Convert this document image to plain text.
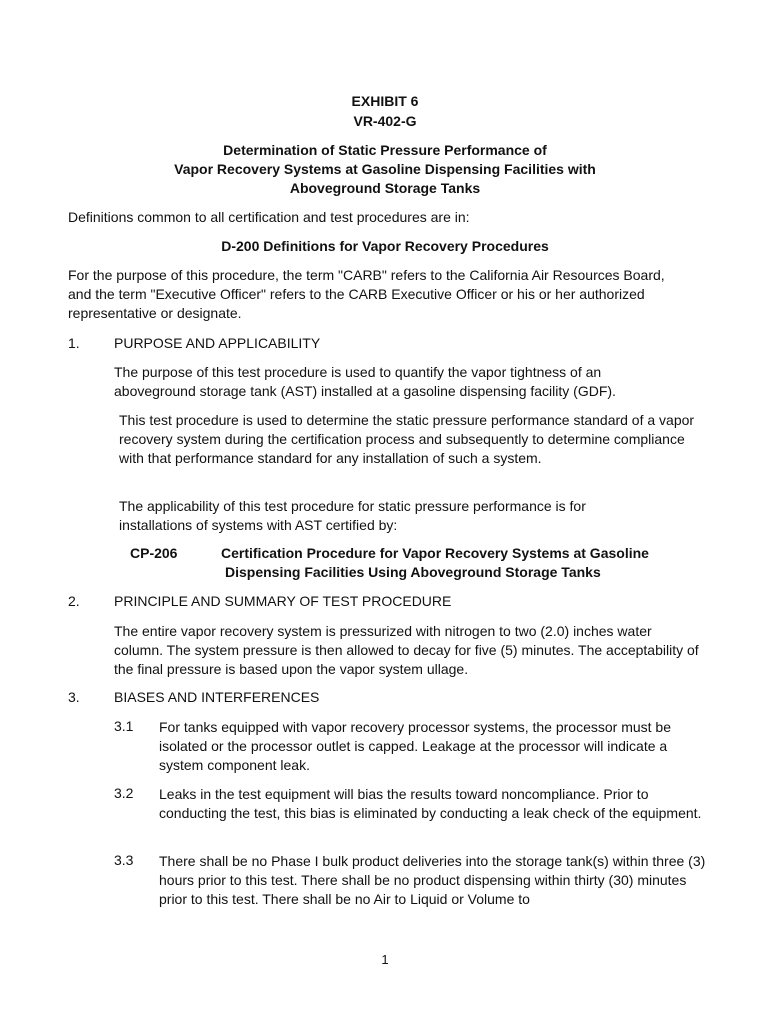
EXHIBIT 6
VR-402-G
Determination of Static Pressure Performance of
Vapor Recovery Systems at Gasoline Dispensing Facilities with
Aboveground Storage Tanks
Definitions common to all certification and test procedures are in:
D-200 Definitions for Vapor Recovery Procedures
For the purpose of this procedure, the term "CARB" refers to the California Air Resources Board, and the term "Executive Officer" refers to the CARB Executive Officer or his or her authorized representative or designate.
1. PURPOSE AND APPLICABILITY
The purpose of this test procedure is used to quantify the vapor tightness of an aboveground storage tank (AST) installed at a gasoline dispensing facility (GDF).
This test procedure is used to determine the static pressure performance standard of a vapor recovery system during the certification process and subsequently to determine compliance with that performance standard for any installation of such a system.
The applicability of this test procedure for static pressure performance is for installations of systems with AST certified by:
CP-206	Certification Procedure for Vapor Recovery Systems at Gasoline
Dispensing Facilities Using Aboveground Storage Tanks
2. PRINCIPLE AND SUMMARY OF TEST PROCEDURE
The entire vapor recovery system is pressurized with nitrogen to two (2.0) inches water column. The system pressure is then allowed to decay for five (5) minutes. The acceptability of the final pressure is based upon the vapor system ullage.
3. BIASES AND INTERFERENCES
3.1 For tanks equipped with vapor recovery processor systems, the processor must be isolated or the processor outlet is capped. Leakage at the processor will indicate a system component leak.
3.2 Leaks in the test equipment will bias the results toward noncompliance. Prior to conducting the test, this bias is eliminated by conducting a leak check of the equipment.
3.3 There shall be no Phase I bulk product deliveries into the storage tank(s) within three (3) hours prior to this test. There shall be no product dispensing within thirty (30) minutes prior to this test. There shall be no Air to Liquid or Volume to
1
